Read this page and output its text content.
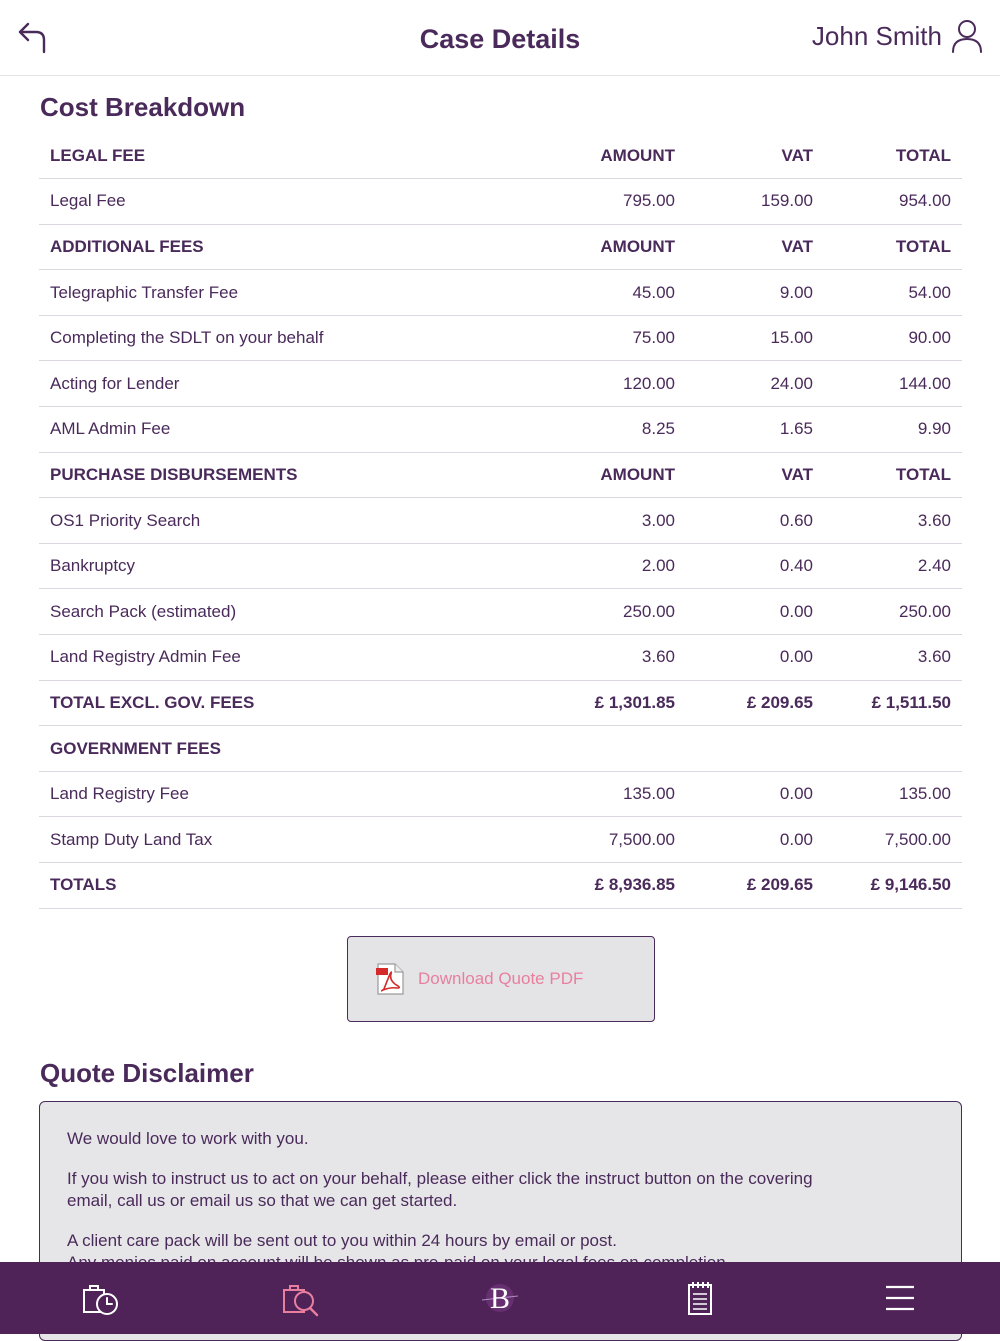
Case Details	John Smith
Cost Breakdown
LEGAL FEE	AMOUNT	VAT	TOTAL
Legal Fee	795.00	159.00	954.00
ADDITIONAL FEES	AMOUNT	VAT	TOTAL
Telegraphic Transfer Fee	45.00	9.00	54.00
Completing the SDLT on your behalf	75.00	15.00	90.00
Acting for Lender	120.00	24.00	144.00
AML Admin Fee	8.25	1.65	9.90
PURCHASE DISBURSEMENTS	AMOUNT	VAT	TOTAL
OS1 Priority Search	3.00	0.60	3.60
Bankruptcy	2.00	0.40	2.40
Search Pack (estimated)	250.00	0.00	250.00
Land Registry Admin Fee	3.60	0.00	3.60
TOTAL EXCL. GOV. FEES	£ 1,301.85	£ 209.65	£ 1,511.50
GOVERNMENT FEES			
Land Registry Fee	135.00	0.00	135.00
Stamp Duty Land Tax	7,500.00	0.00	7,500.00
TOTALS	£ 8,936.85	£ 209.65	£ 9,146.50
Download Quote PDF
Quote Disclaimer

We would love to work with you.

If you wish to instruct us to act on your behalf, please either click the instruct button on the covering email, call us or email us so that we can get started.

A client care pack will be sent out to you within 24 hours by email or post.

B
